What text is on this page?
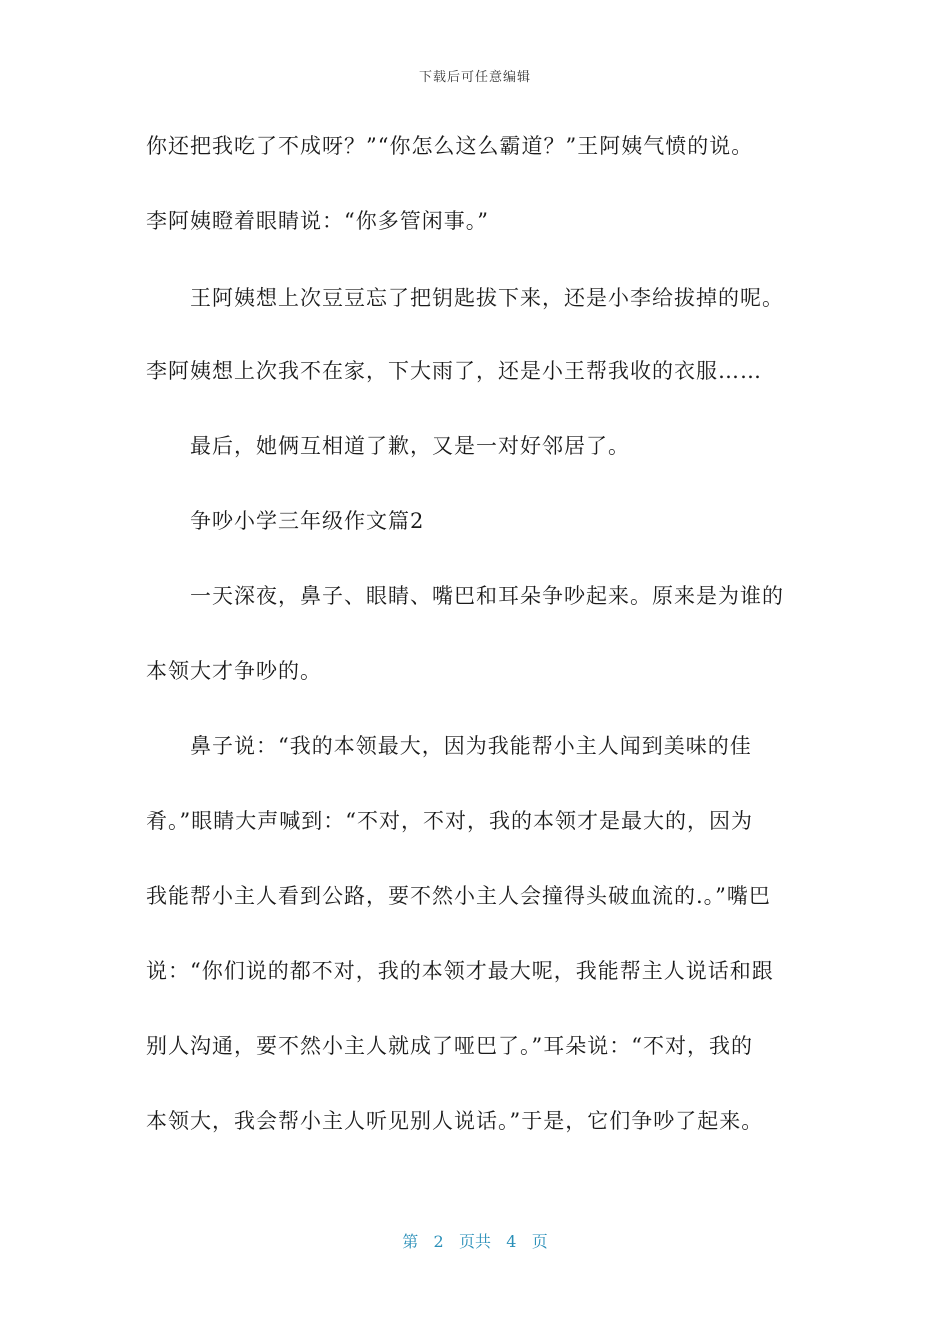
下载后可任意编辑
你还把我吃了不成呀？”“你怎么这么霸道？”王阿姨气愤的说。
李阿姨瞪着眼睛说：“你多管闲事。”
王阿姨想上次豆豆忘了把钥匙拔下来，还是小李给拔掉的呢。
李阿姨想上次我不在家，下大雨了，还是小王帮我收的衣服……
最后，她俩互相道了歉，又是一对好邻居了。
争吵小学三年级作文篇2
一天深夜，鼻子、眼睛、嘴巴和耳朵争吵起来。原来是为谁的
本领大才争吵的。
鼻子说：“我的本领最大，因为我能帮小主人闻到美味的佳
肴。”眼睛大声喊到：“不对，不对，我的本领才是最大的，因为
我能帮小主人看到公路，要不然小主人会撞得头破血流的.。”嘴巴
说：“你们说的都不对，我的本领才最大呢，我能帮主人说话和跟
别人沟通，要不然小主人就成了哑巴了。”耳朵说：“不对，我的
本领大，我会帮小主人听见别人说话。”于是，它们争吵了起来。
第 2 页共 4 页
